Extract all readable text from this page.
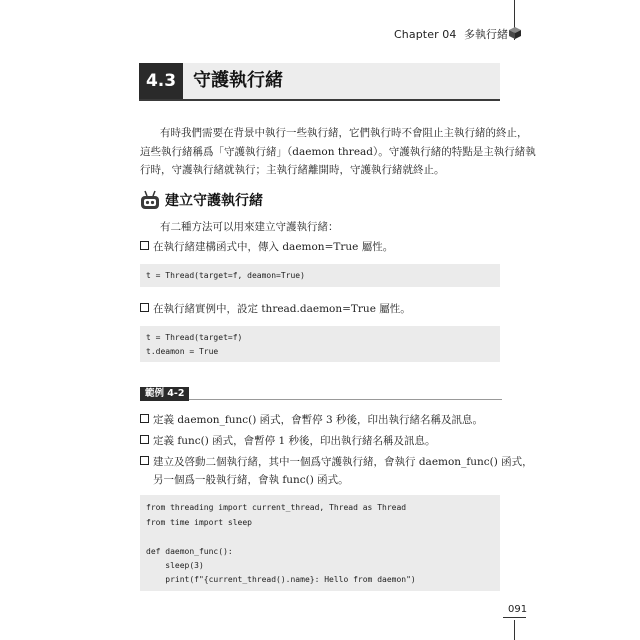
Chapter 04 多執行緒
4.3 守護執行緒
有時我們需要在背景中執行一些執行緒，它們執行時不會阻止主執行緒的終止，
這些執行緒稱爲「守護執行緒」（daemon thread）。守護執行緒的特點是主執行緒執
行時，守護執行緒就執行；主執行緒離開時，守護執行緒就終止。
建立守護執行緒
有二種方法可以用來建立守護執行緒：
在執行緒建構函式中，傳入 daemon=True 屬性。
t = Thread(target=f, deamon=True)
在執行緒實例中，設定 thread.daemon=True 屬性。
t = Thread(target=f)
t.deamon = True
範例 4-2
定義 daemon_func() 函式，會暫停 3 秒後，印出執行緒名稱及訊息。
定義 func() 函式，會暫停 1 秒後，印出執行緒名稱及訊息。
建立及啓動二個執行緒，其中一個爲守護執行緒，會執行 daemon_func() 函式，
另一個爲一般執行緒，會執 func() 函式。
from threading import current_thread, Thread as Thread
from time import sleep
def daemon_func():
sleep(3)
print(f"{current_thread().name}: Hello from daemon")
091
